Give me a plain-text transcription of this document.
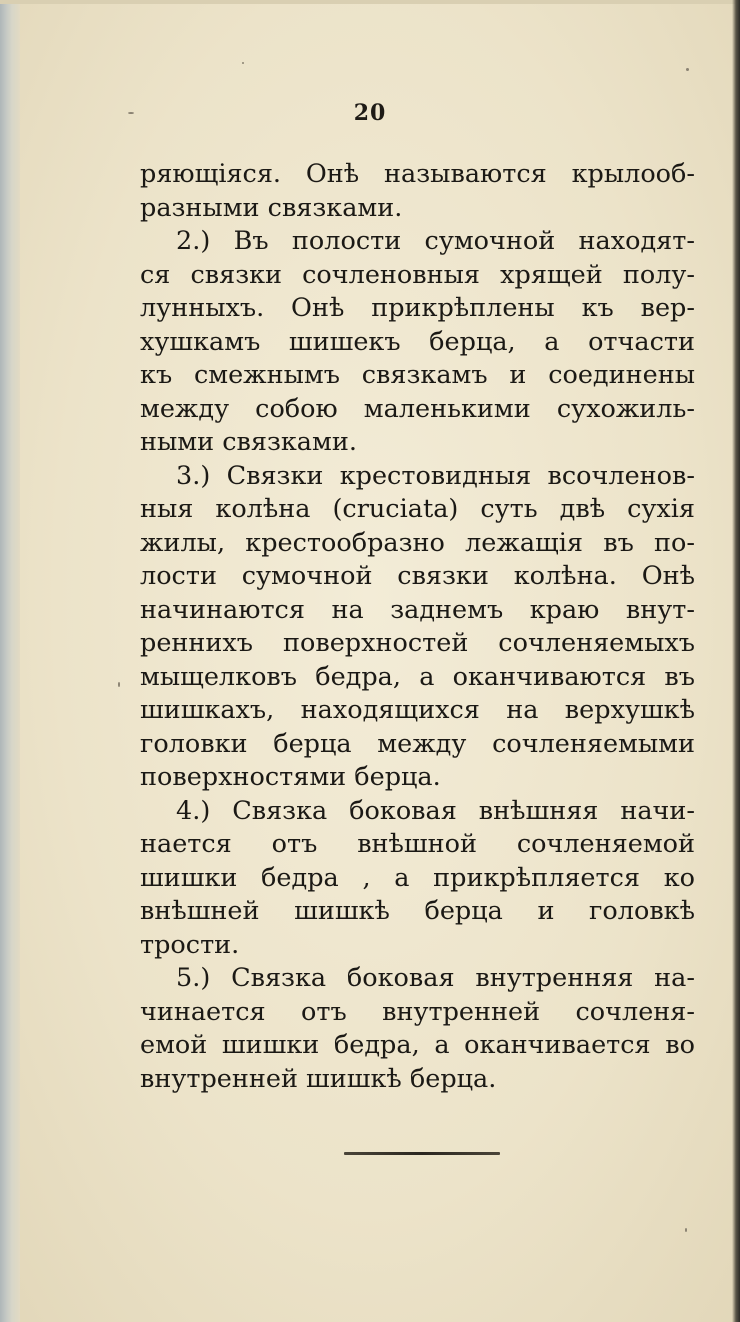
20
ряющіяся. Онѣ называются крылооб-
разными связками.
2.) Въ полости сумочной находят-
ся связки сочленовныя хрящей полу-
лунныхъ. Онѣ прикрѣплены къ вер-
хушкамъ шишекъ берца, а отчасти
къ смежнымъ связкамъ и соединены
между собою маленькими сухожиль-
ными связками.
3.) Связки крестовидныя всочленов-
ныя колѣна (cruciata) суть двѣ сухія
жилы, крестообразно лежащія въ по-
лости сумочной связки колѣна. Онѣ
начинаются на заднемъ краю внут-
реннихъ поверхностей сочленяемыхъ
мыщелковъ бедра, а оканчиваются въ
шишкахъ, находящихся на верхушкѣ
головки берца между сочленяемыми
поверхностями берца.
4.) Связка боковая внѣшняя начи-
нается отъ внѣшной сочленяемой
шишки бедра , а прикрѣпляется ко
внѣшней шишкѣ берца и головкѣ
трости.
5.) Связка боковая внутренняя на-
чинается отъ внутренней сочленя-
емой шишки бедра, а оканчивается во
внутренней шишкѣ берца.
